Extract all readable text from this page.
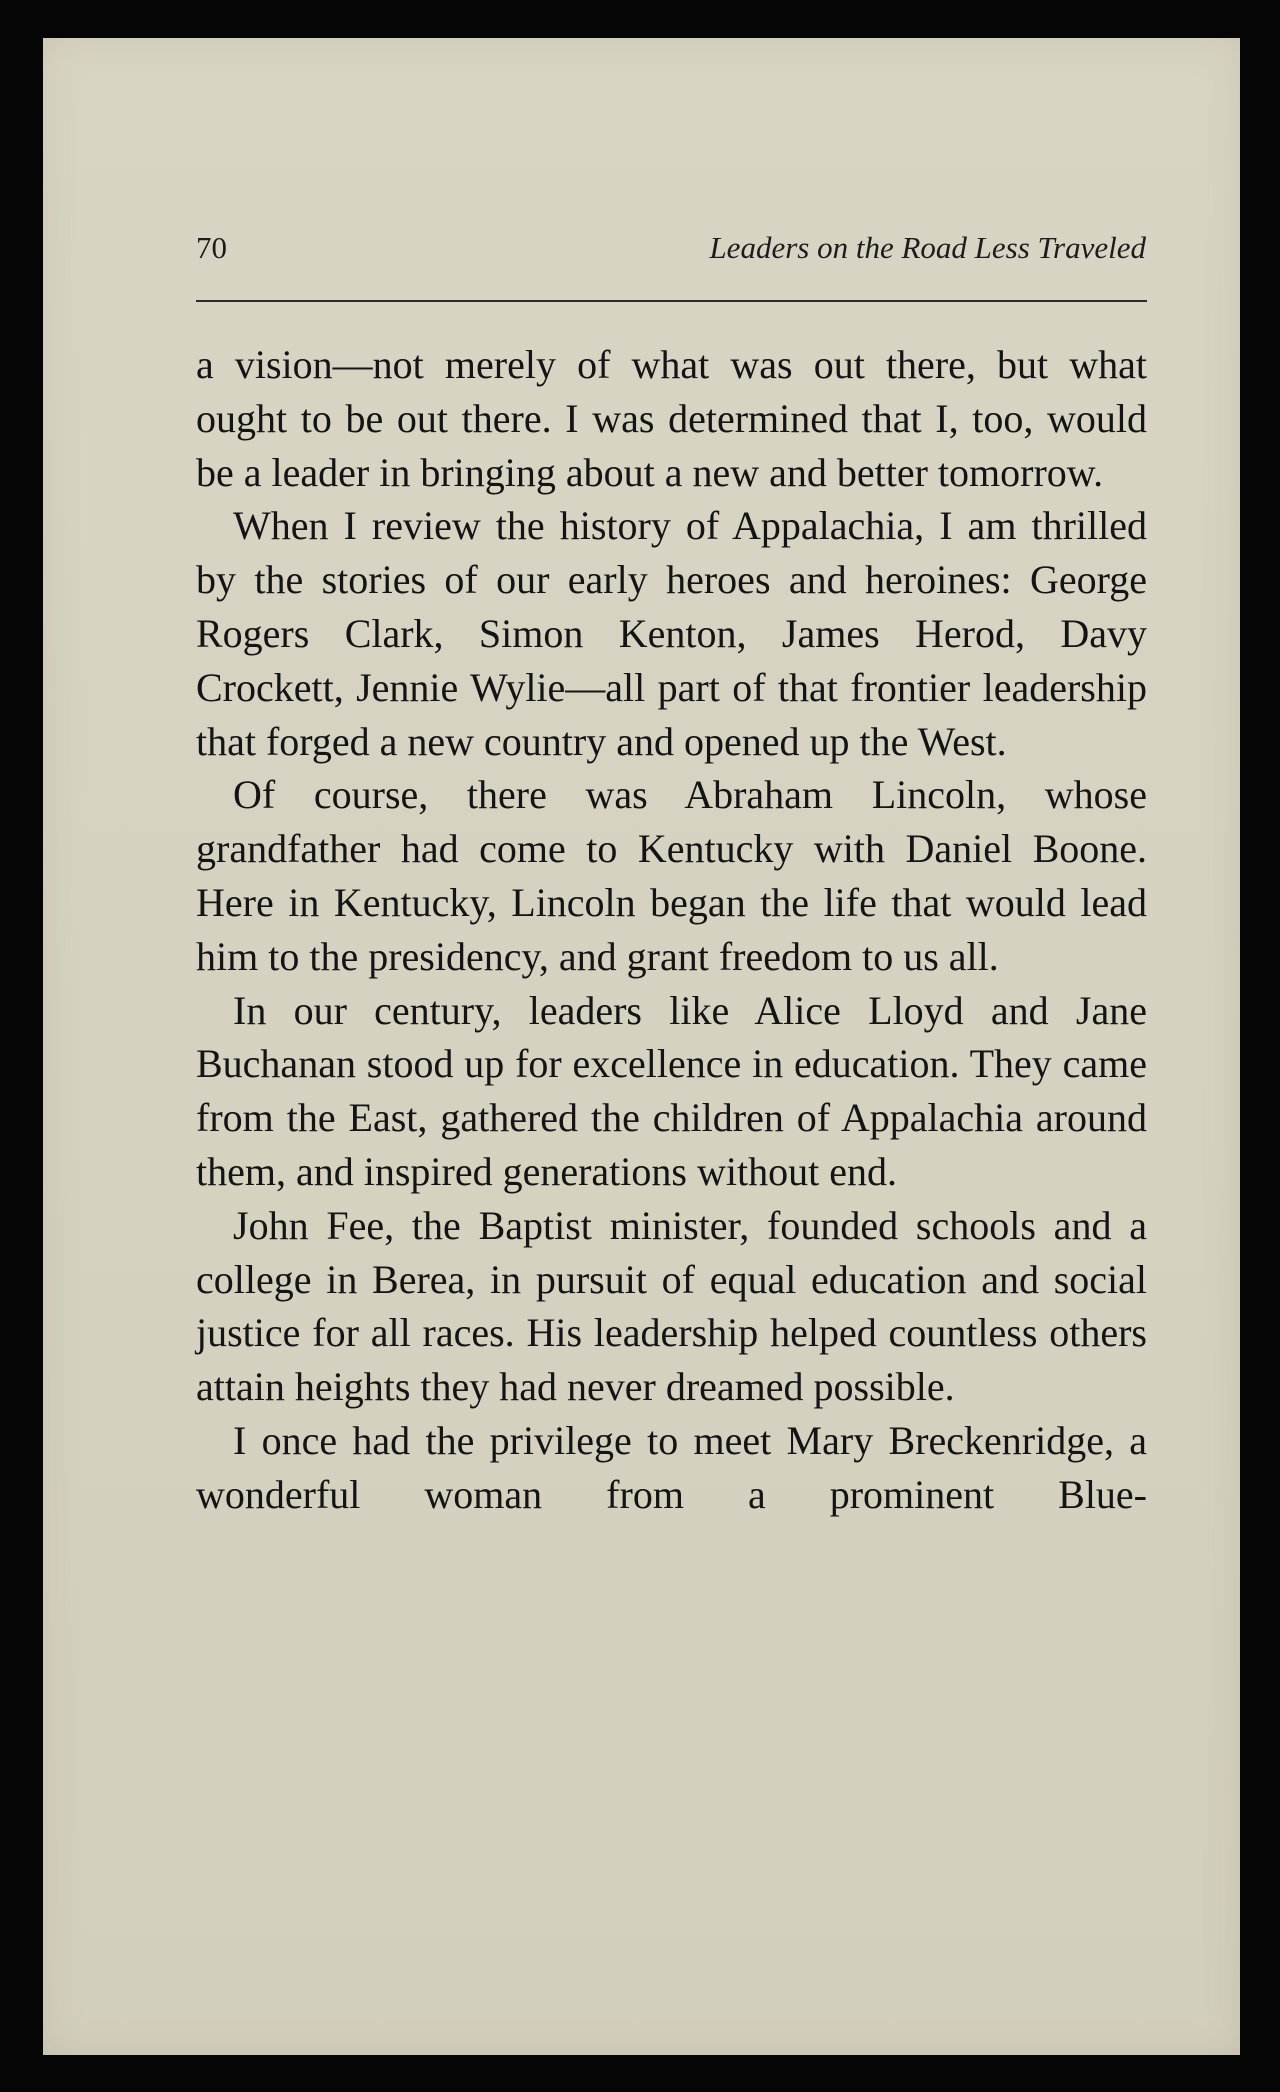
70	Leaders on the Road Less Traveled

a vision—not merely of what was out there, but what ought to be out there. I was determined that I, too, would be a leader in bringing about a new and better tomorrow.

When I review the history of Appalachia, I am thrilled by the stories of our early heroes and heroines: George Rogers Clark, Simon Kenton, James Herod, Davy Crockett, Jennie Wylie—all part of that frontier leadership that forged a new country and opened up the West.

Of course, there was Abraham Lincoln, whose grandfather had come to Kentucky with Daniel Boone. Here in Kentucky, Lincoln began the life that would lead him to the presidency, and grant freedom to us all.

In our century, leaders like Alice Lloyd and Jane Buchanan stood up for excellence in education. They came from the East, gathered the children of Appalachia around them, and inspired generations without end.

John Fee, the Baptist minister, founded schools and a college in Berea, in pursuit of equal education and social justice for all races. His leadership helped countless others attain heights they had never dreamed possible.

I once had the privilege to meet Mary Breckenridge, a wonderful woman from a prominent Blue-
